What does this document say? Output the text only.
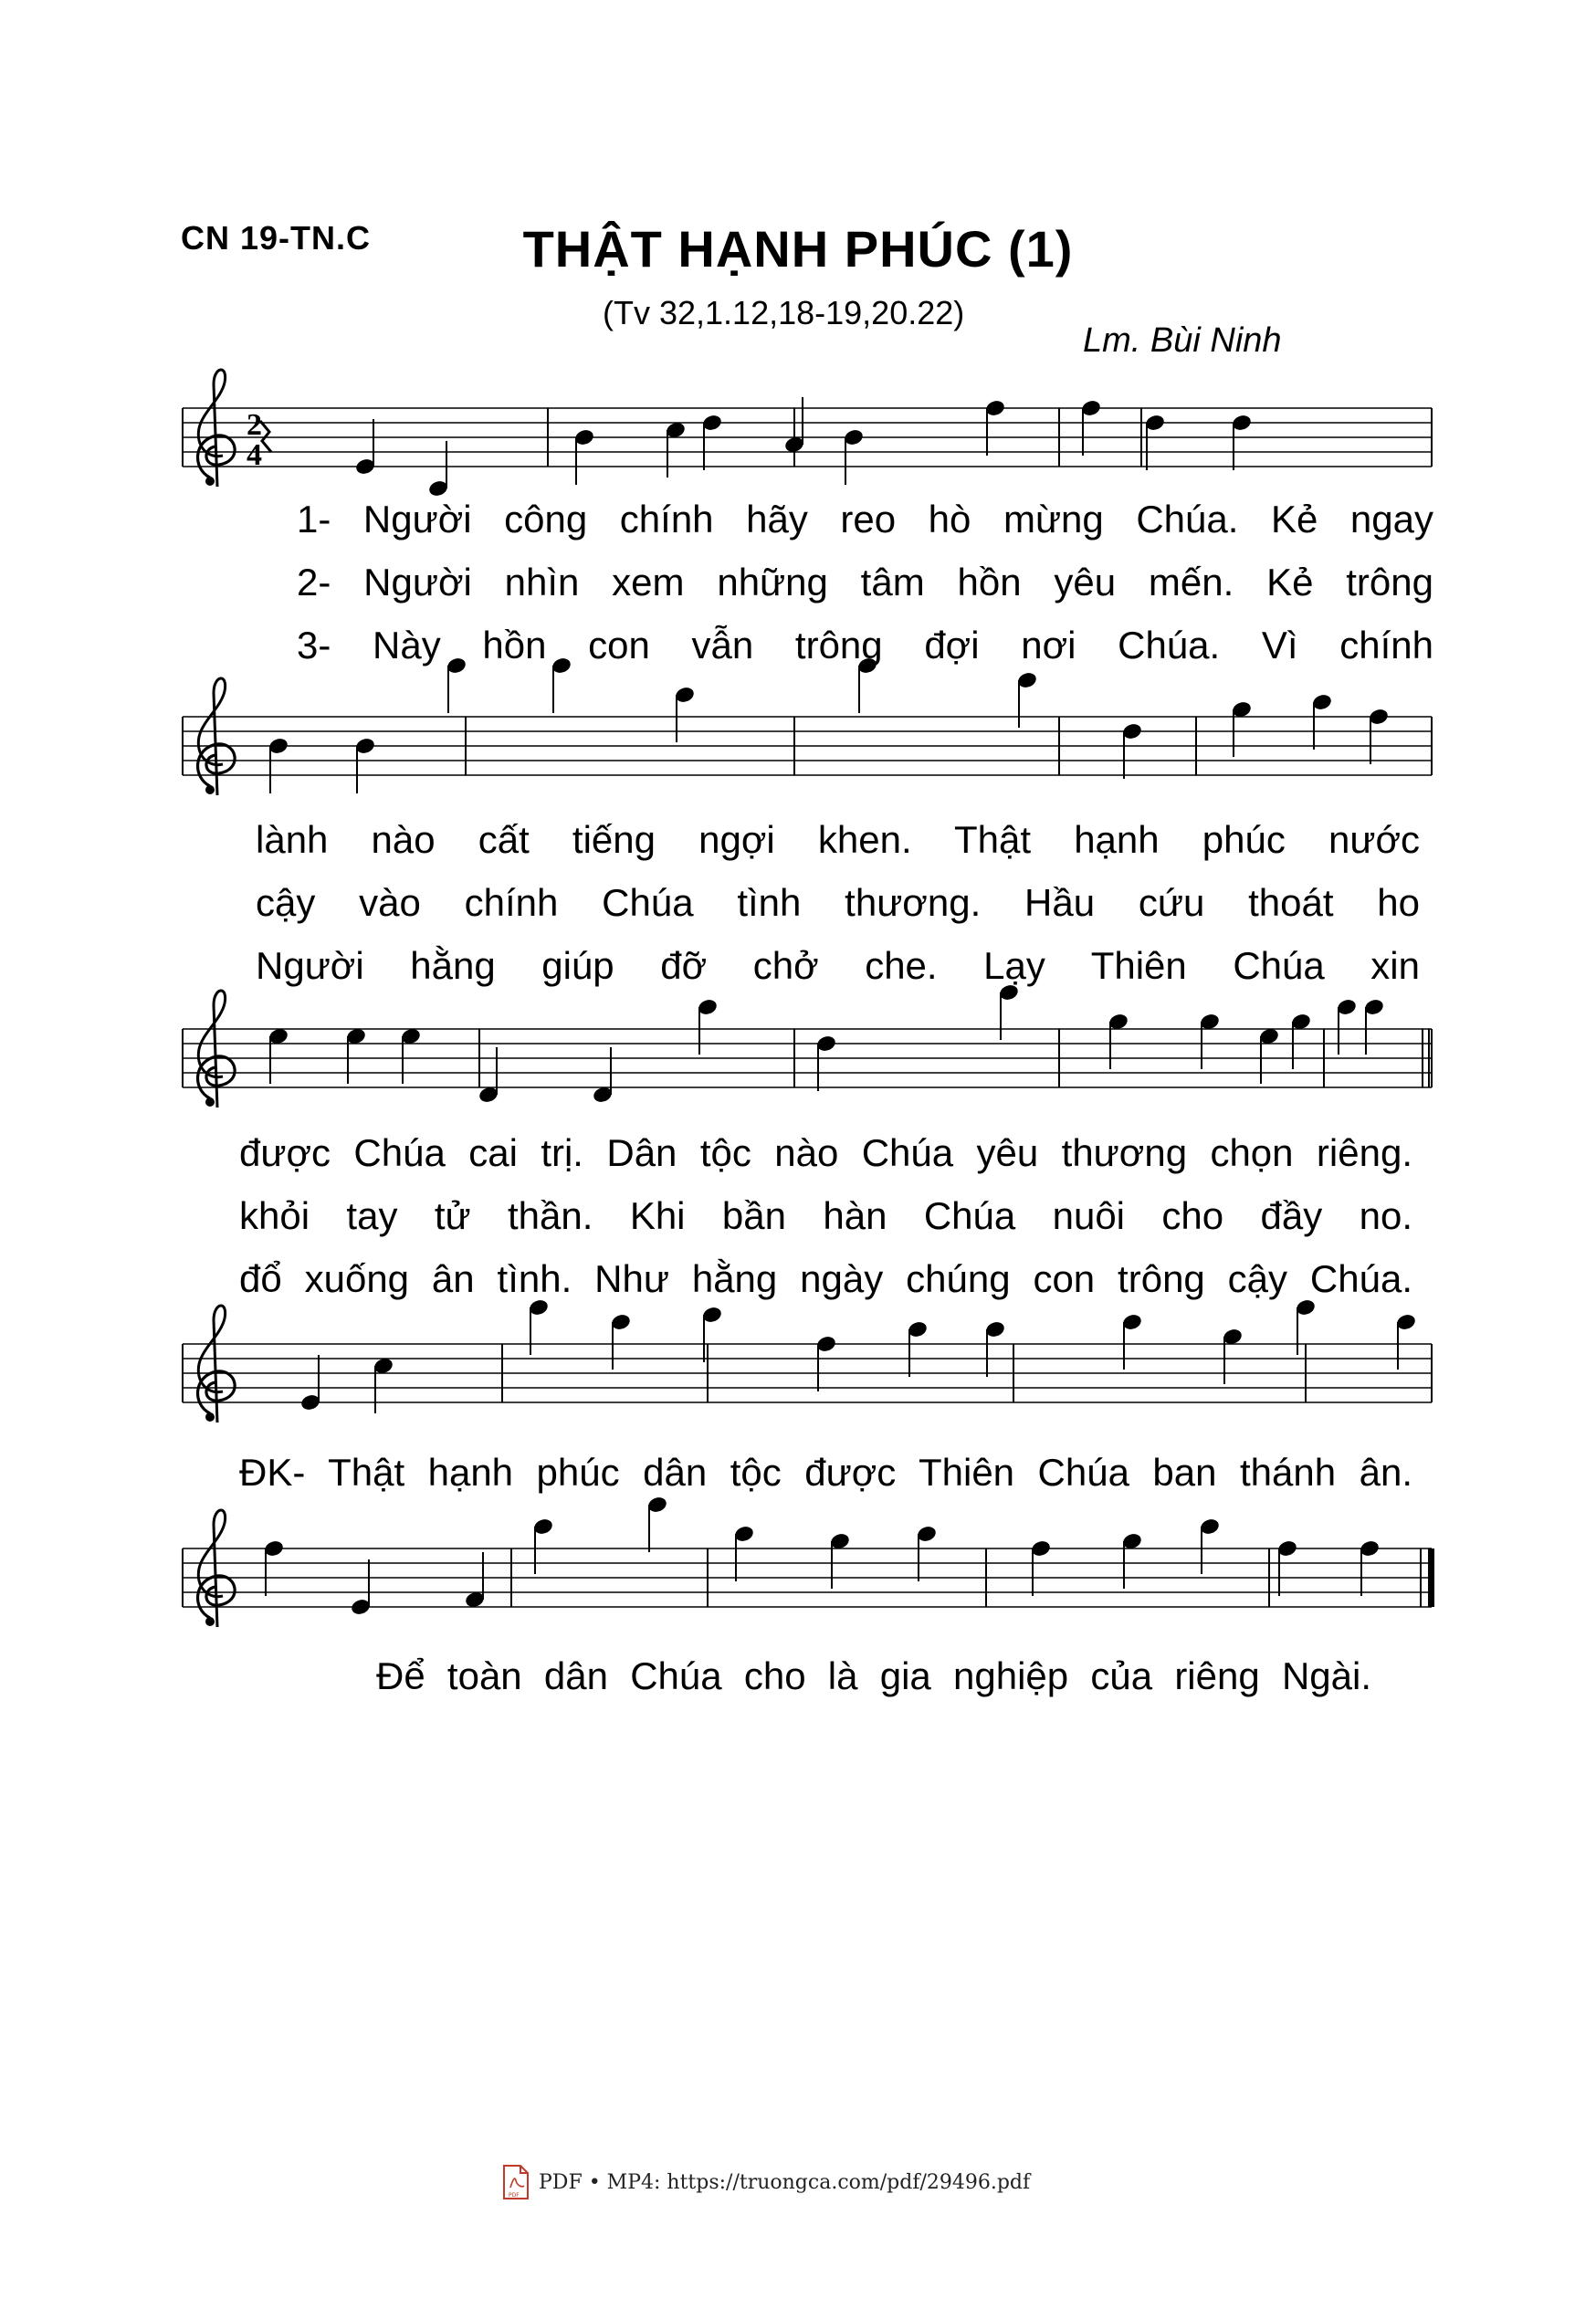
CN 19-TN.C	THẬT HẠNH PHÚC (1)
(Tv 32,1.12,18-19,20.22)
Lm. Bùi Ninh
2
4
1- Người công chính hãy reo hò mừng Chúa. Kẻ ngay
2- Người nhìn xem những tâm hồn yêu mến. Kẻ trông
3- Này hồn con vẫn trông đợi nơi Chúa. Vì chính
lành nào cất tiếng ngợi khen. Thật hạnh phúc nước
cậy vào chính Chúa tình thương. Hầu cứu thoát ho
Người hằng giúp đỡ chở che. Lạy Thiên Chúa xin
được Chúa cai trị. Dân tộc nào Chúa yêu thương chọn riêng.
khỏi tay tử thần. Khi bần hàn Chúa nuôi cho đầy no.
đổ xuống ân tình. Như hằng ngày chúng con trông cậy Chúa.
ĐK- Thật hạnh phúc dân tộc được Thiên Chúa ban thánh ân.
Để toàn dân Chúa cho là gia nghiệp của riêng Ngài.
PDF
PDF • MP4: https://truongca.com/pdf/29496.pdf
